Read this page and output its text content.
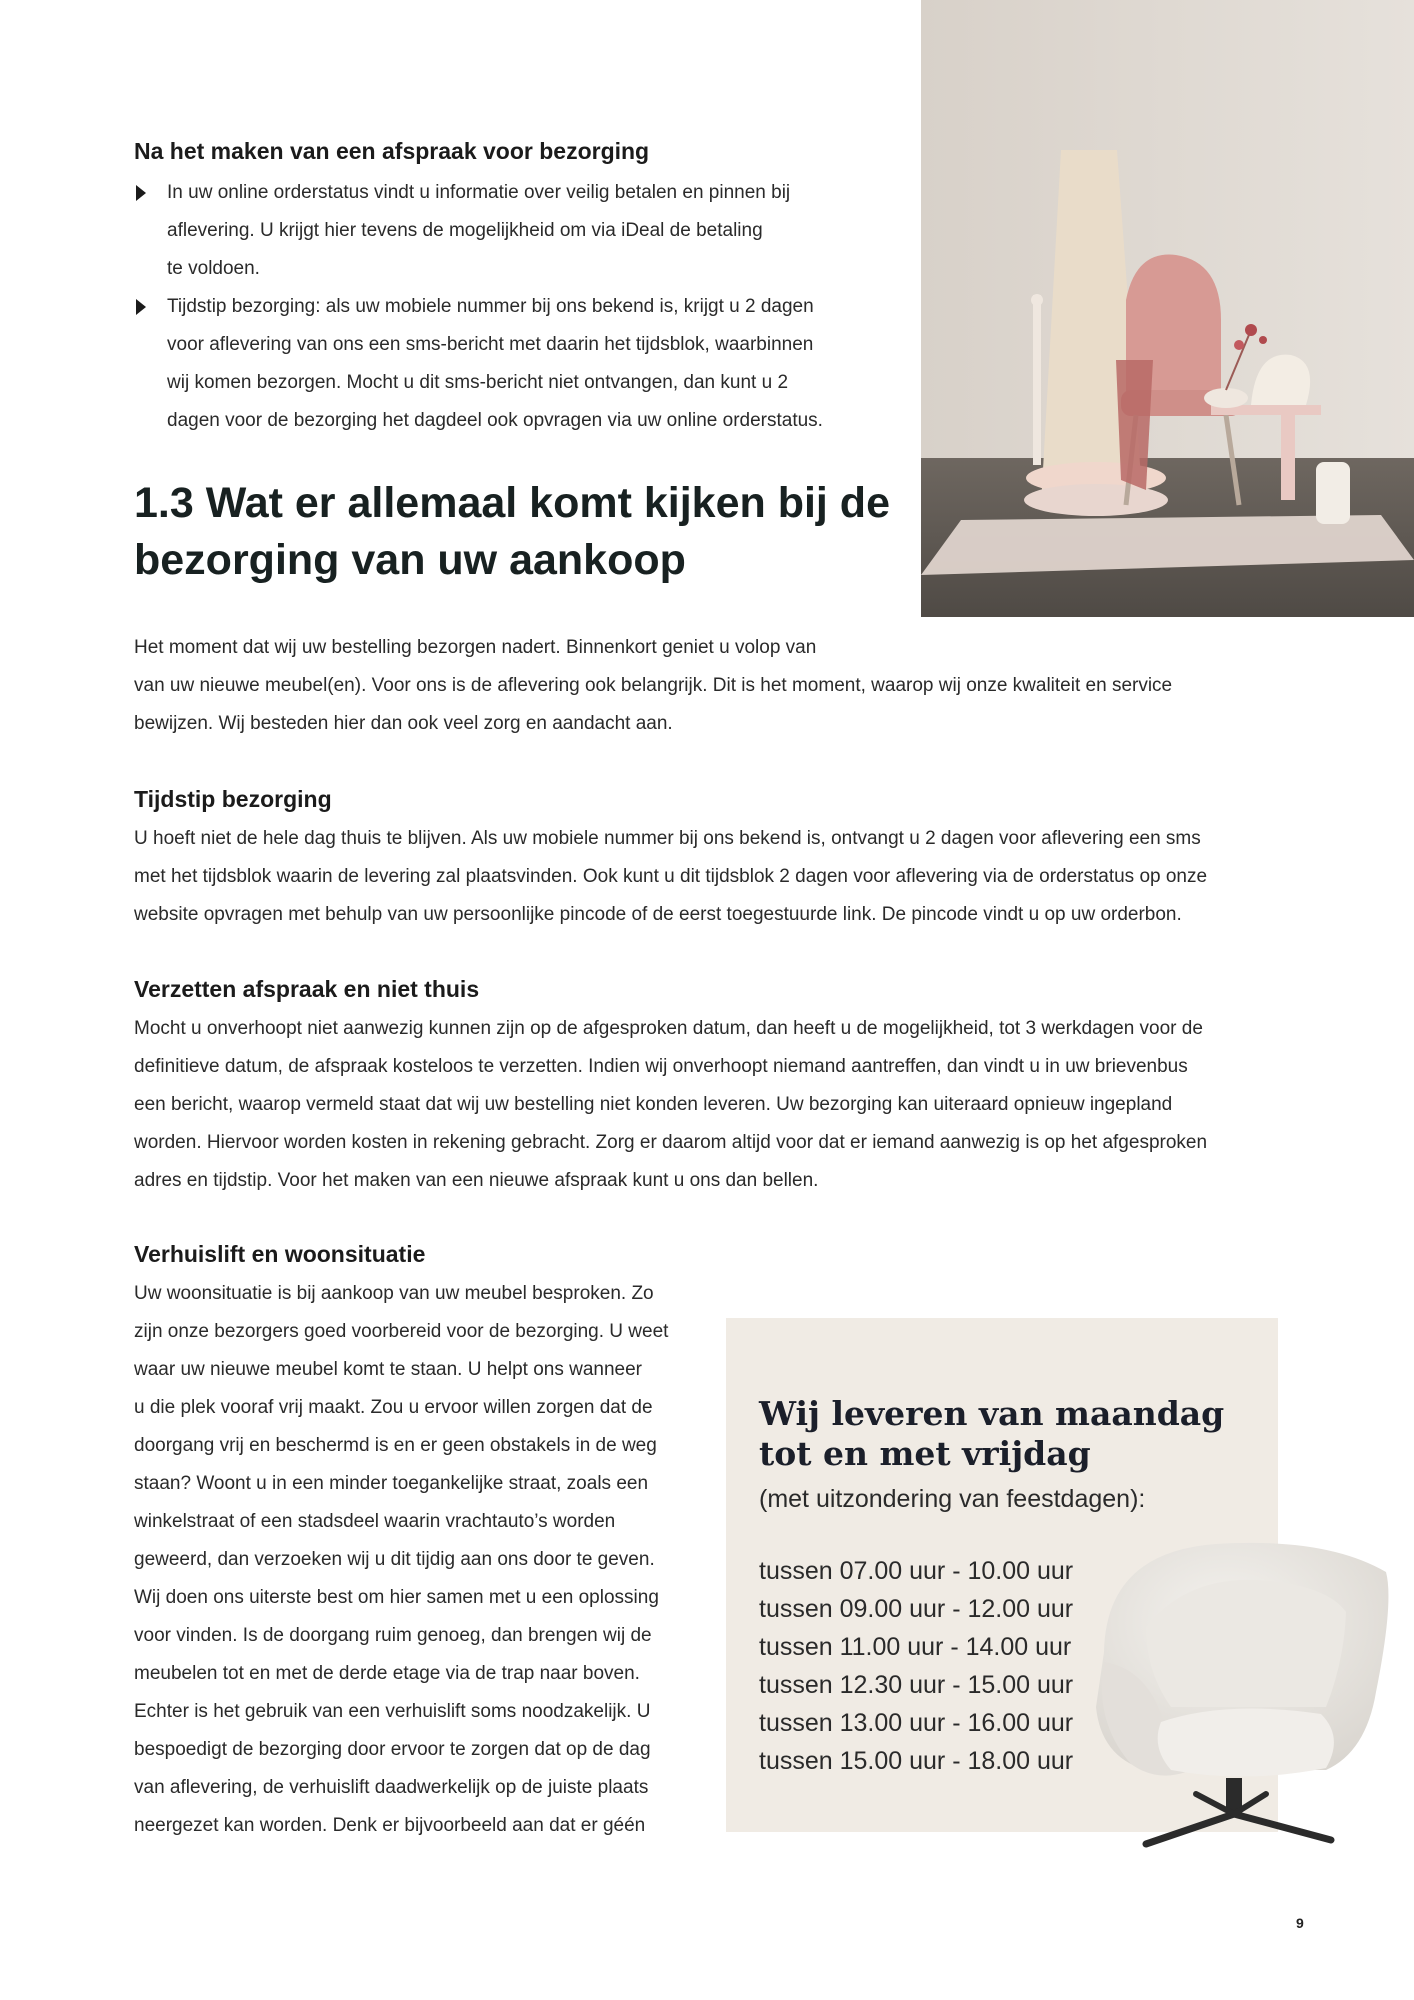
Na het maken van een afspraak voor bezorging
In uw online orderstatus vindt u informatie over veilig betalen en pinnen bij
aflevering. U krijgt hier tevens de mogelijkheid om via iDeal de betaling
te voldoen.
Tijdstip bezorging: als uw mobiele nummer bij ons bekend is, krijgt u 2 dagen
voor aflevering van ons een sms-bericht met daarin het tijdsblok, waarbinnen
wij komen bezorgen. Mocht u dit sms-bericht niet ontvangen, dan kunt u 2
dagen voor de bezorging het dagdeel ook opvragen via uw online orderstatus.
1.3 Wat er allemaal komt kijken bij de
bezorging van uw aankoop

Het moment dat wij uw bestelling bezorgen nadert. Binnenkort geniet u volop van
van uw nieuwe meubel(en). Voor ons is de aflevering ook belangrijk. Dit is het moment, waarop wij onze kwaliteit en service
bewijzen. Wij besteden hier dan ook veel zorg en aandacht aan.

Tijdstip bezorging

U hoeft niet de hele dag thuis te blijven. Als uw mobiele nummer bij ons bekend is, ontvangt u 2 dagen voor aflevering een sms
met het tijdsblok waarin de levering zal plaatsvinden. Ook kunt u dit tijdsblok 2 dagen voor aflevering via de orderstatus op onze
website opvragen met behulp van uw persoonlijke pincode of de eerst toegestuurde link. De pincode vindt u op uw orderbon.

Verzetten afspraak en niet thuis

Mocht u onverhoopt niet aanwezig kunnen zijn op de afgesproken datum, dan heeft u de mogelijkheid, tot 3 werkdagen voor de
definitieve datum, de afspraak kosteloos te verzetten. Indien wij onverhoopt niemand aantreffen, dan vindt u in uw brievenbus
een bericht, waarop vermeld staat dat wij uw bestelling niet konden leveren. Uw bezorging kan uiteraard opnieuw ingepland
worden. Hiervoor worden kosten in rekening gebracht. Zorg er daarom altijd voor dat er iemand aanwezig is op het afgesproken
adres en tijdstip. Voor het maken van een nieuwe afspraak kunt u ons dan bellen.

Verhuislift en woonsituatie

Uw woonsituatie is bij aankoop van uw meubel besproken. Zo
zijn onze bezorgers goed voorbereid voor de bezorging. U weet
waar uw nieuwe meubel komt te staan. U helpt ons wanneer
u die plek vooraf vrij maakt. Zou u ervoor willen zorgen dat de
doorgang vrij en beschermd is en er geen obstakels in de weg
staan? Woont u in een minder toegankelijke straat, zoals een
winkelstraat of een stadsdeel waarin vrachtauto’s worden
geweerd, dan verzoeken wij u dit tijdig aan ons door te geven.
Wij doen ons uiterste best om hier samen met u een oplossing
voor vinden. Is de doorgang ruim genoeg, dan brengen wij de
meubelen tot en met de derde etage via de trap naar boven.
Echter is het gebruik van een verhuislift soms noodzakelijk. U
bespoedigt de bezorging door ervoor te zorgen dat op de dag
van aflevering, de verhuislift daadwerkelijk op de juiste plaats
neergezet kan worden. Denk er bijvoorbeeld aan dat er géén

Wij leveren van maandag
tot en met vrijdag

(met uitzondering van feestdagen):

tussen 07.00 uur - 10.00 uur
tussen 09.00 uur - 12.00 uur
tussen 11.00 uur - 14.00 uur
tussen 12.30 uur - 15.00 uur
tussen 13.00 uur - 16.00 uur
tussen 15.00 uur - 18.00 uur
9
